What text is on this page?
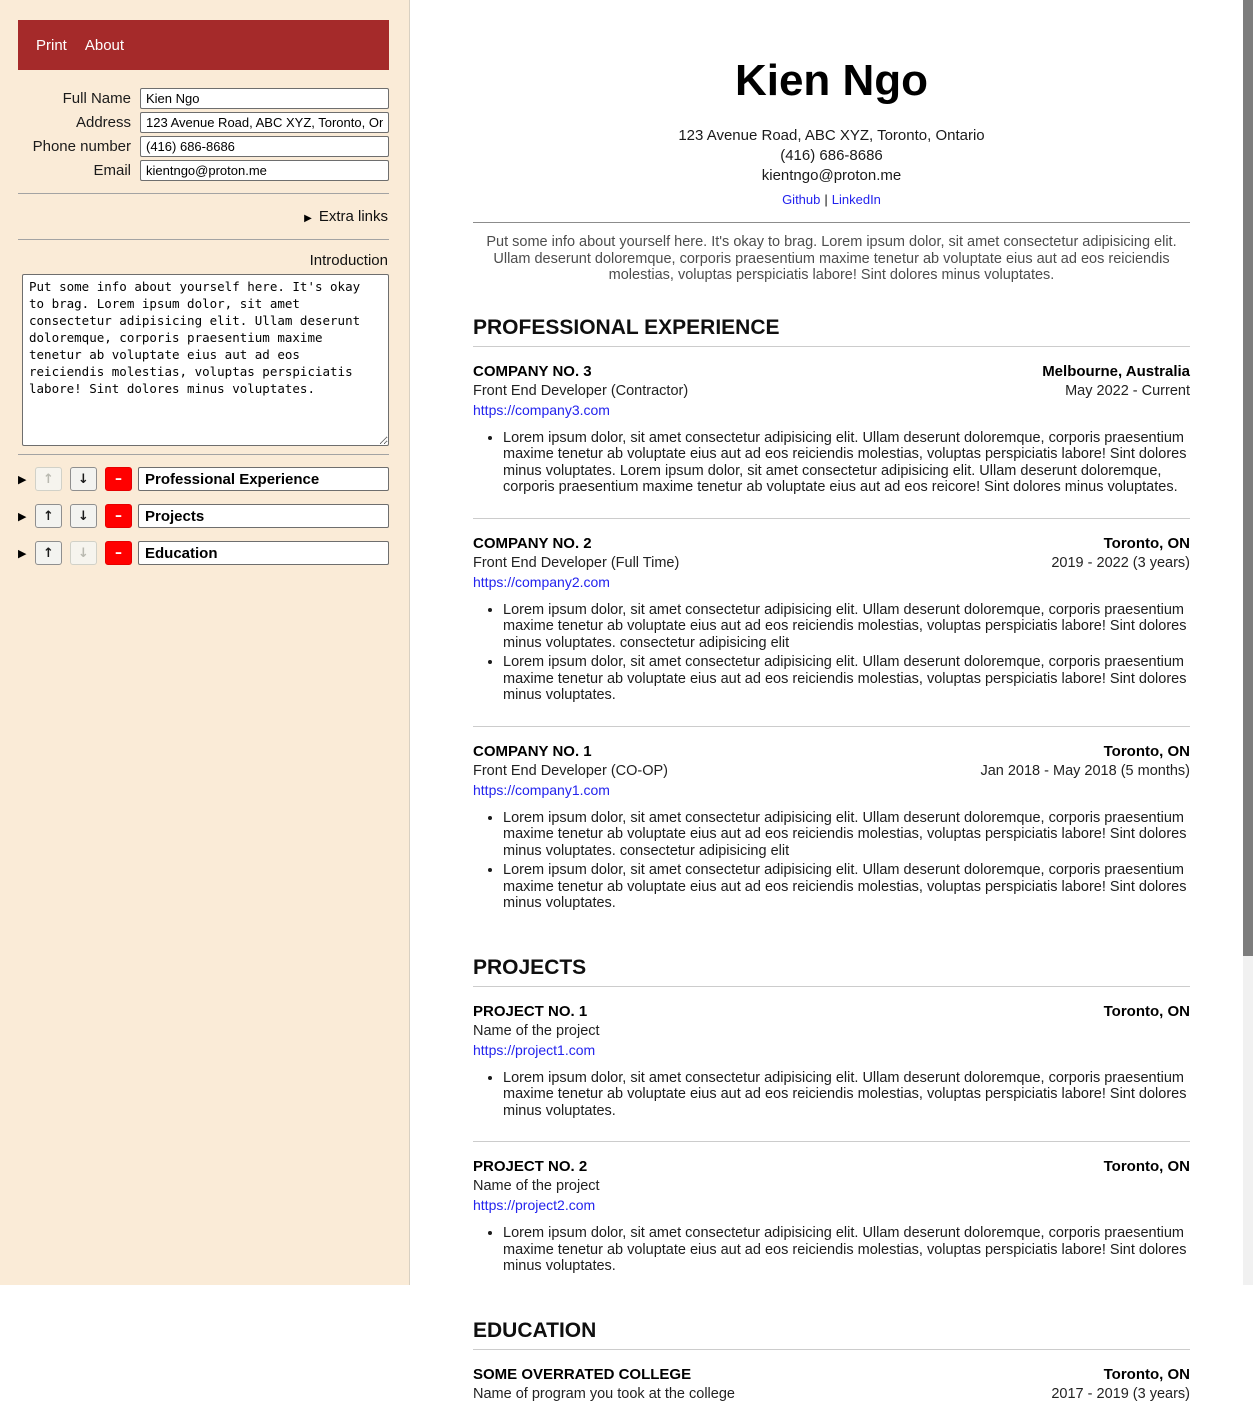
Print About
Full Name
Kien Ngo
Address
123 Avenue Road, ABC XYZ, Toronto, Ontario
Phone number
(416) 686-8686
Email
kientngo@proton.me
▶ Extra links
Introduction
Put some info about yourself here. It's okay to brag. Lorem ipsum dolor, sit amet consectetur adipisicing elit. Ullam deserunt doloremque, corporis praesentium maxime tenetur ab voluptate eius aut ad eos reiciendis molestias, voluptas perspiciatis labore! Sint dolores minus voluptates.
▶	↑	↓	–
Professional Experience
▶	↑	↓	–
Projects
▶	↑	↓	–
Education
Kien Ngo
123 Avenue Road, ABC XYZ, Toronto, Ontario
(416) 686-8686
kientngo@proton.me
Github | LinkedIn

Put some info about yourself here. It's okay to brag. Lorem ipsum dolor, sit amet consectetur adipisicing elit. Ullam deserunt doloremque, corporis praesentium maxime tenetur ab voluptate eius aut ad eos reiciendis molestias, voluptas perspiciatis labore! Sint dolores minus voluptates.

PROFESSIONAL EXPERIENCE
COMPANY NO. 3	Melbourne, Australia
Front End Developer (Contractor)	May 2022 - Current
https://company3.com
• Lorem ipsum dolor, sit amet consectetur adipisicing elit. Ullam deserunt doloremque, corporis praesentium maxime tenetur ab voluptate eius aut ad eos reiciendis molestias, voluptas perspiciatis labore! Sint dolores minus voluptates. Lorem ipsum dolor, sit amet consectetur adipisicing elit. Ullam deserunt doloremque, corporis praesentium maxime tenetur ab voluptate eius aut ad eos reicore! Sint dolores minus voluptates.
COMPANY NO. 2	Toronto, ON
Front End Developer (Full Time)	2019 - 2022 (3 years)
https://company2.com
• Lorem ipsum dolor, sit amet consectetur adipisicing elit. Ullam deserunt doloremque, corporis praesentium maxime tenetur ab voluptate eius aut ad eos reiciendis molestias, voluptas perspiciatis labore! Sint dolores minus voluptates. consectetur adipisicing elit
• Lorem ipsum dolor, sit amet consectetur adipisicing elit. Ullam deserunt doloremque, corporis praesentium maxime tenetur ab voluptate eius aut ad eos reiciendis molestias, voluptas perspiciatis labore! Sint dolores minus voluptates.
COMPANY NO. 1	Toronto, ON
Front End Developer (CO-OP)	Jan 2018 - May 2018 (5 months)
https://company1.com
• Lorem ipsum dolor, sit amet consectetur adipisicing elit. Ullam deserunt doloremque, corporis praesentium maxime tenetur ab voluptate eius aut ad eos reiciendis molestias, voluptas perspiciatis labore! Sint dolores minus voluptates. consectetur adipisicing elit
• Lorem ipsum dolor, sit amet consectetur adipisicing elit. Ullam deserunt doloremque, corporis praesentium maxime tenetur ab voluptate eius aut ad eos reiciendis molestias, voluptas perspiciatis labore! Sint dolores minus voluptates.
PROJECTS
PROJECT NO. 1	Toronto, ON
Name of the project
https://project1.com
• Lorem ipsum dolor, sit amet consectetur adipisicing elit. Ullam deserunt doloremque, corporis praesentium maxime tenetur ab voluptate eius aut ad eos reiciendis molestias, voluptas perspiciatis labore! Sint dolores minus voluptates.
PROJECT NO. 2	Toronto, ON
Name of the project
https://project2.com
• Lorem ipsum dolor, sit amet consectetur adipisicing elit. Ullam deserunt doloremque, corporis praesentium maxime tenetur ab voluptate eius aut ad eos reiciendis molestias, voluptas perspiciatis labore! Sint dolores minus voluptates.
EDUCATION
SOME OVERRATED COLLEGE	Toronto, ON
Name of program you took at the college	2017 - 2019 (3 years)
